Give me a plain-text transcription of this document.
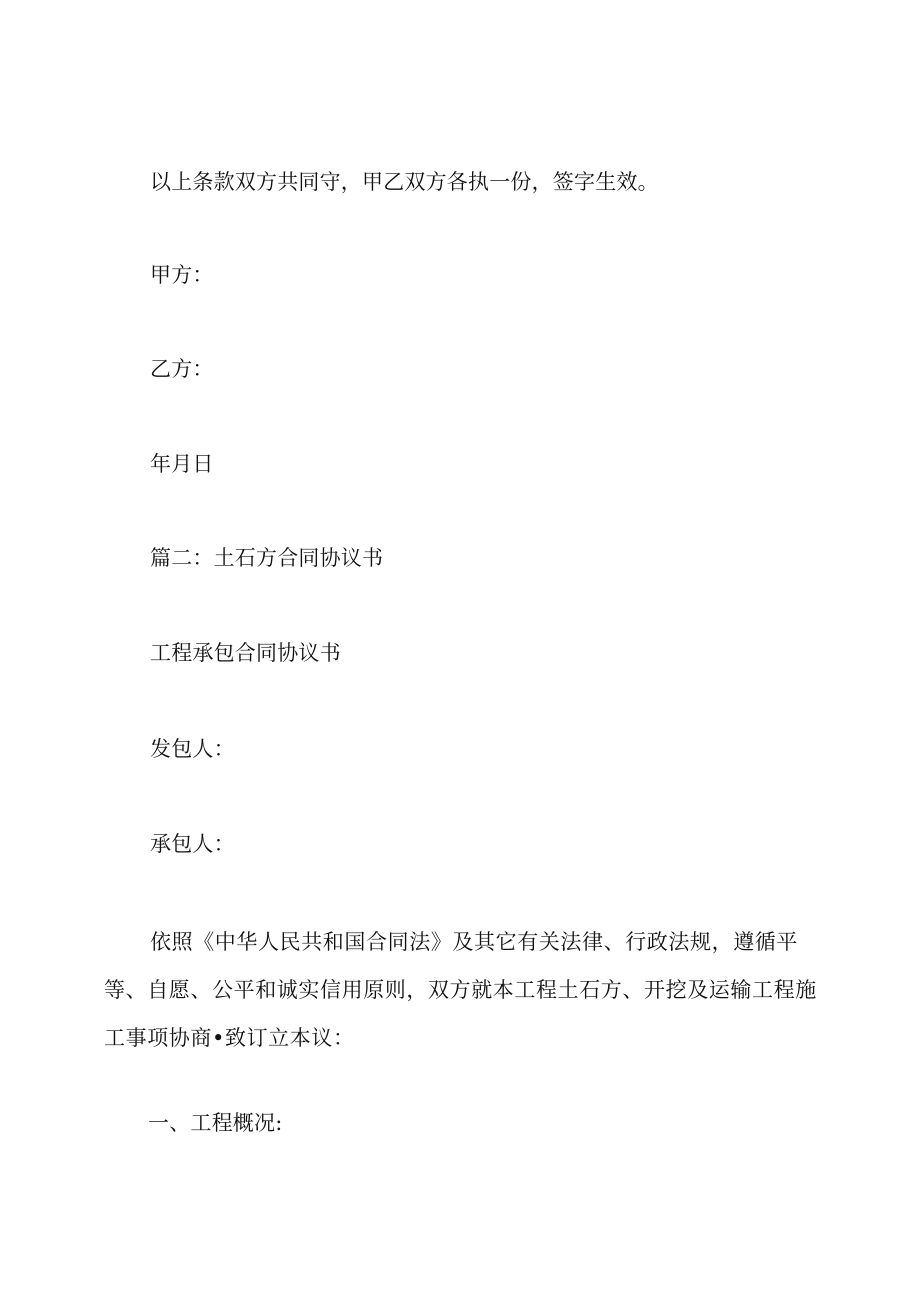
以上条款双方共同守，甲乙双方各执一份，签字生效。
甲方：
乙方：
年月日
篇二：土石方合同协议书
工程承包合同协议书
发包人：
承包人：
依照《中华人民共和国合同法》及其它有关法律、行政法规，遵循平等、自愿、公平和诚实信用原则，双方就本工程土石方、开挖及运输工程施工事项协商•致订立本议：
一、工程概况:
